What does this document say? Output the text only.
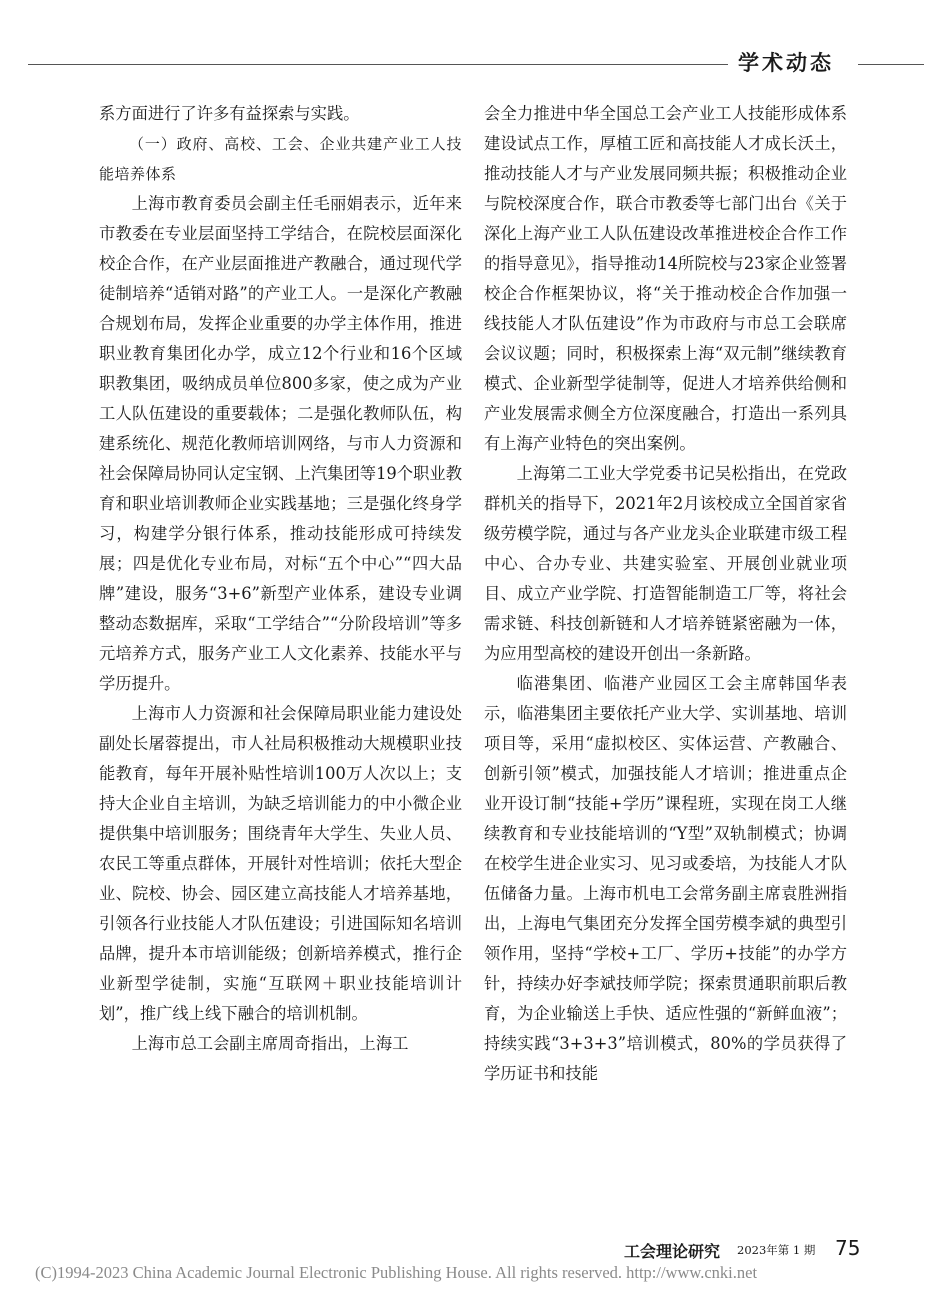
学术动态

系方面进行了许多有益探索与实践。

（一）政府、高校、工会、企业共建产业工人技能培养体系

上海市教育委员会副主任毛丽娟表示，近年来市教委在专业层面坚持工学结合，在院校层面深化校企合作，在产业层面推进产教融合，通过现代学徒制培养“适销对路”的产业工人。一是深化产教融合规划布局，发挥企业重要的办学主体作用，推进职业教育集团化办学，成立12个行业和16个区域职教集团，吸纳成员单位800多家，使之成为产业工人队伍建设的重要载体；二是强化教师队伍，构建系统化、规范化教师培训网络，与市人力资源和社会保障局协同认定宝钢、上汽集团等19个职业教育和职业培训教师企业实践基地；三是强化终身学习，构建学分银行体系，推动技能形成可持续发展；四是优化专业布局，对标“五个中心”“四大品牌”建设，服务“3+6”新型产业体系，建设专业调整动态数据库，采取“工学结合”“分阶段培训”等多元培养方式，服务产业工人文化素养、技能水平与学历提升。

上海市人力资源和社会保障局职业能力建设处副处长屠蓉提出，市人社局积极推动大规模职业技能教育，每年开展补贴性培训100万人次以上；支持大企业自主培训，为缺乏培训能力的中小微企业提供集中培训服务；围绕青年大学生、失业人员、农民工等重点群体，开展针对性培训；依托大型企业、院校、协会、园区建立高技能人才培养基地，引领各行业技能人才队伍建设；引进国际知名培训品牌，提升本市培训能级；创新培养模式，推行企业新型学徒制，实施“互联网＋职业技能培训计划”，推广线上线下融合的培训机制。

上海市总工会副主席周奇指出，上海工

会全力推进中华全国总工会产业工人技能形成体系建设试点工作，厚植工匠和高技能人才成长沃土，推动技能人才与产业发展同频共振；积极推动企业与院校深度合作，联合市教委等七部门出台《关于深化上海产业工人队伍建设改革推进校企合作工作的指导意见》，指导推动14所院校与23家企业签署校企合作框架协议，将“关于推动校企合作加强一线技能人才队伍建设”作为市政府与市总工会联席会议议题；同时，积极探索上海“双元制”继续教育模式、企业新型学徒制等，促进人才培养供给侧和产业发展需求侧全方位深度融合，打造出一系列具有上海产业特色的突出案例。

上海第二工业大学党委书记吴松指出，在党政群机关的指导下，2021年2月该校成立全国首家省级劳模学院，通过与各产业龙头企业联建市级工程中心、合办专业、共建实验室、开展创业就业项目、成立产业学院、打造智能制造工厂等，将社会需求链、科技创新链和人才培养链紧密融为一体，为应用型高校的建设开创出一条新路。

临港集团、临港产业园区工会主席韩国华表示，临港集团主要依托产业大学、实训基地、培训项目等，采用“虚拟校区、实体运营、产教融合、创新引领”模式，加强技能人才培训；推进重点企业开设订制“技能+学历”课程班，实现在岗工人继续教育和专业技能培训的“Y型”双轨制模式；协调在校学生进企业实习、见习或委培，为技能人才队伍储备力量。上海市机电工会常务副主席袁胜洲指出，上海电气集团充分发挥全国劳模李斌的典型引领作用，坚持“学校+工厂、学历+技能”的办学方针，持续办好李斌技师学院；探索贯通职前职后教育，为企业输送上手快、适应性强的“新鲜血液”；持续实践“3+3+3”培训模式，80%的学员获得了学历证书和技能

工会理论研究 2023年第 1 期 75
(C)1994-2023 China Academic Journal Electronic Publishing House. All rights reserved. http://www.cnki.net
